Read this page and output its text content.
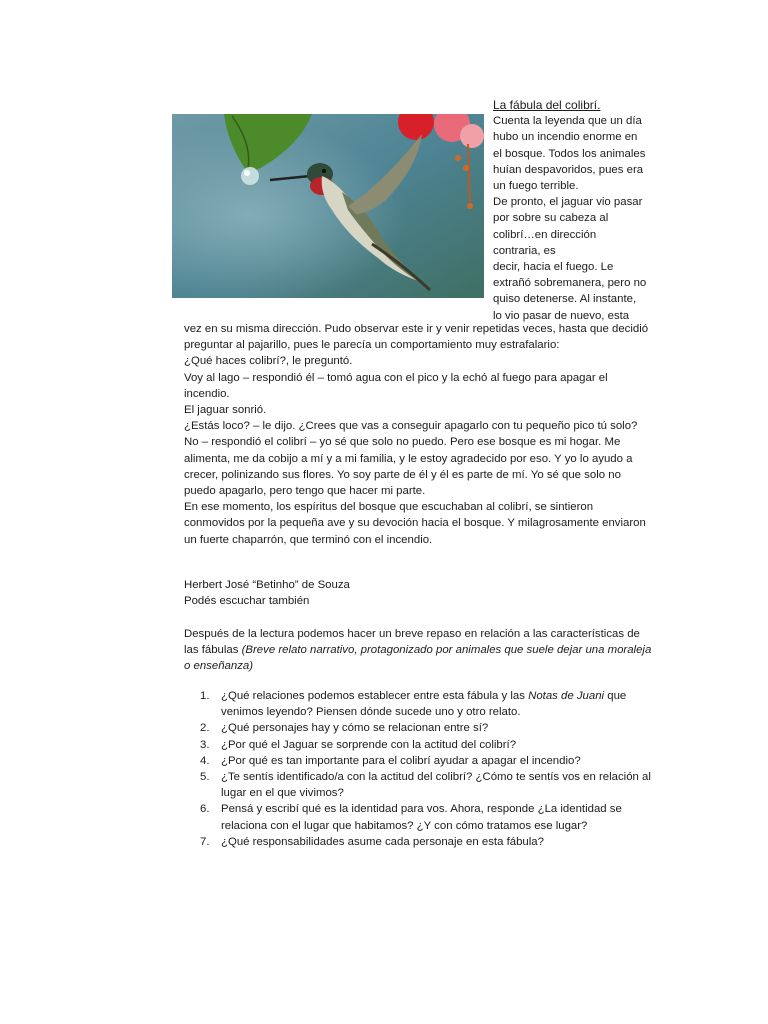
La fábula del colibrí.
Cuenta la leyenda que un día
hubo un incendio enorme en
el bosque. Todos los animales
huían despavoridos, pues era
un fuego terrible.
De pronto, el jaguar vio pasar
por sobre su cabeza al
colibrí…en dirección
contraria, es
decir, hacia el fuego. Le
extrañó sobremanera, pero no
quiso detenerse. Al instante,
lo vio pasar de nuevo, esta
vez en su misma dirección. Pudo observar este ir y venir repetidas veces, hasta que decidió
preguntar al pajarillo, pues le parecía un comportamiento muy estrafalario:
¿Qué haces colibrí?, le preguntó.
Voy al lago – respondió él – tomó agua con el pico y la echó al fuego para apagar el
incendio.
El jaguar sonrió.
¿Estás loco? – le dijo. ¿Crees que vas a conseguir apagarlo con tu pequeño pico tú solo?
No – respondió el colibrí – yo sé que solo no puedo. Pero ese bosque es mi hogar. Me
alimenta, me da cobijo a mí y a mi familia, y le estoy agradecido por eso. Y yo lo ayudo a
crecer, polinizando sus flores. Yo soy parte de él y él es parte de mí. Yo sé que solo no
puedo apagarlo, pero tengo que hacer mi parte.
En ese momento, los espíritus del bosque que escuchaban al colibrí, se sintieron
conmovidos por la pequeña ave y su devoción hacia el bosque. Y milagrosamente enviaron
un fuerte chaparrón, que terminó con el incendio.
Herbert José “Betinho” de Souza
Podés escuchar también
Después de la lectura podemos hacer un breve repaso en relación a las características de
las fábulas (Breve relato narrativo, protagonizado por animales que suele dejar una moraleja
o enseñanza)
1. ¿Qué relaciones podemos establecer entre esta fábula y las Notas de Juani que
venimos leyendo? Piensen dónde sucede uno y otro relato.
2. ¿Qué personajes hay y cómo se relacionan entre sí?
3. ¿Por qué el Jaguar se sorprende con la actitud del colibrí?
4. ¿Por qué es tan importante para el colibrí ayudar a apagar el incendio?
5. ¿Te sentís identificado/a con la actitud del colibrí? ¿Cómo te sentís vos en relación al
lugar en el que vivimos?
6. Pensá y escribí qué es la identidad para vos. Ahora, responde ¿La identidad se
relaciona con el lugar que habitamos? ¿Y con cómo tratamos ese lugar?
7. ¿Qué responsabilidades asume cada personaje en esta fábula?
